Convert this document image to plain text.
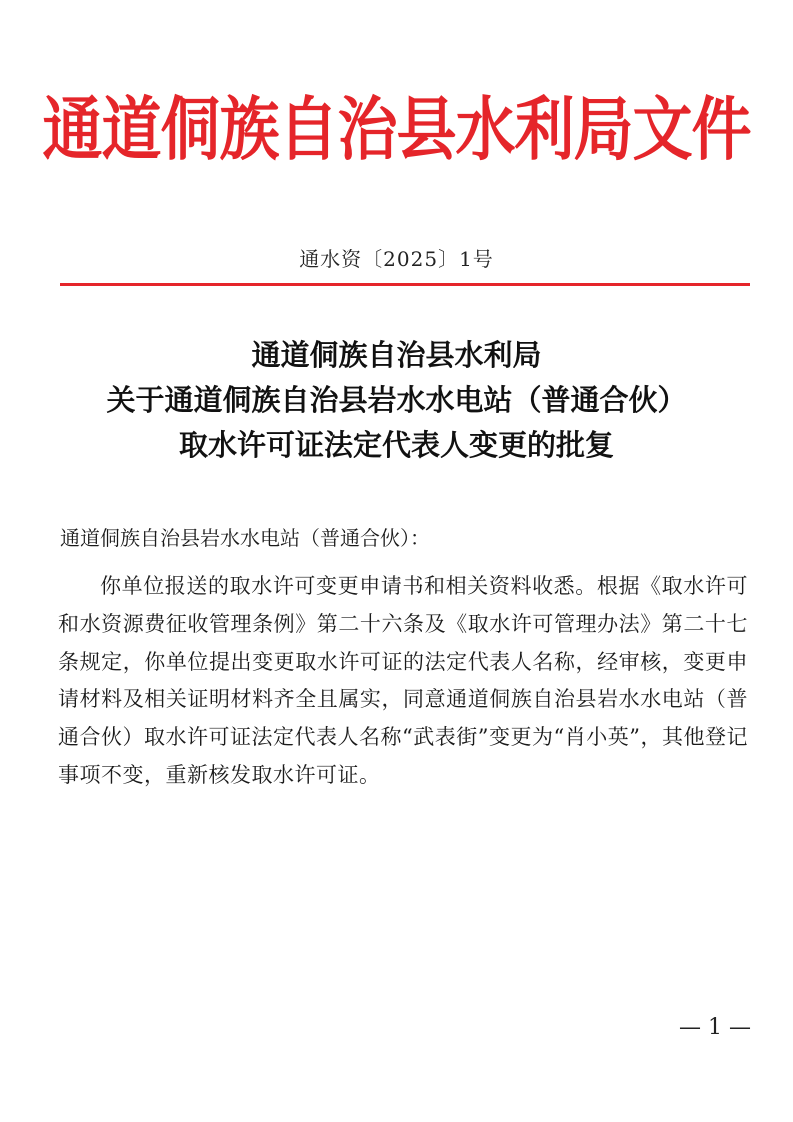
通道侗族自治县水利局文件
通水资〔2025〕1号
通道侗族自治县水利局
关于通道侗族自治县岩水水电站（普通合伙）
取水许可证法定代表人变更的批复
通道侗族自治县岩水水电站（普通合伙）：

你单位报送的取水许可变更申请书和相关资料收悉。根据《取水许可和水资源费征收管理条例》第二十六条及《取水许可管理办法》第二十七条规定，你单位提出变更取水许可证的法定代表人名称，经审核，变更申请材料及相关证明材料齐全且属实，同意通道侗族自治县岩水水电站（普通合伙）取水许可证法定代表人名称“武表街”变更为“肖小英”，其他登记事项不变，重新核发取水许可证。

— 1 —
